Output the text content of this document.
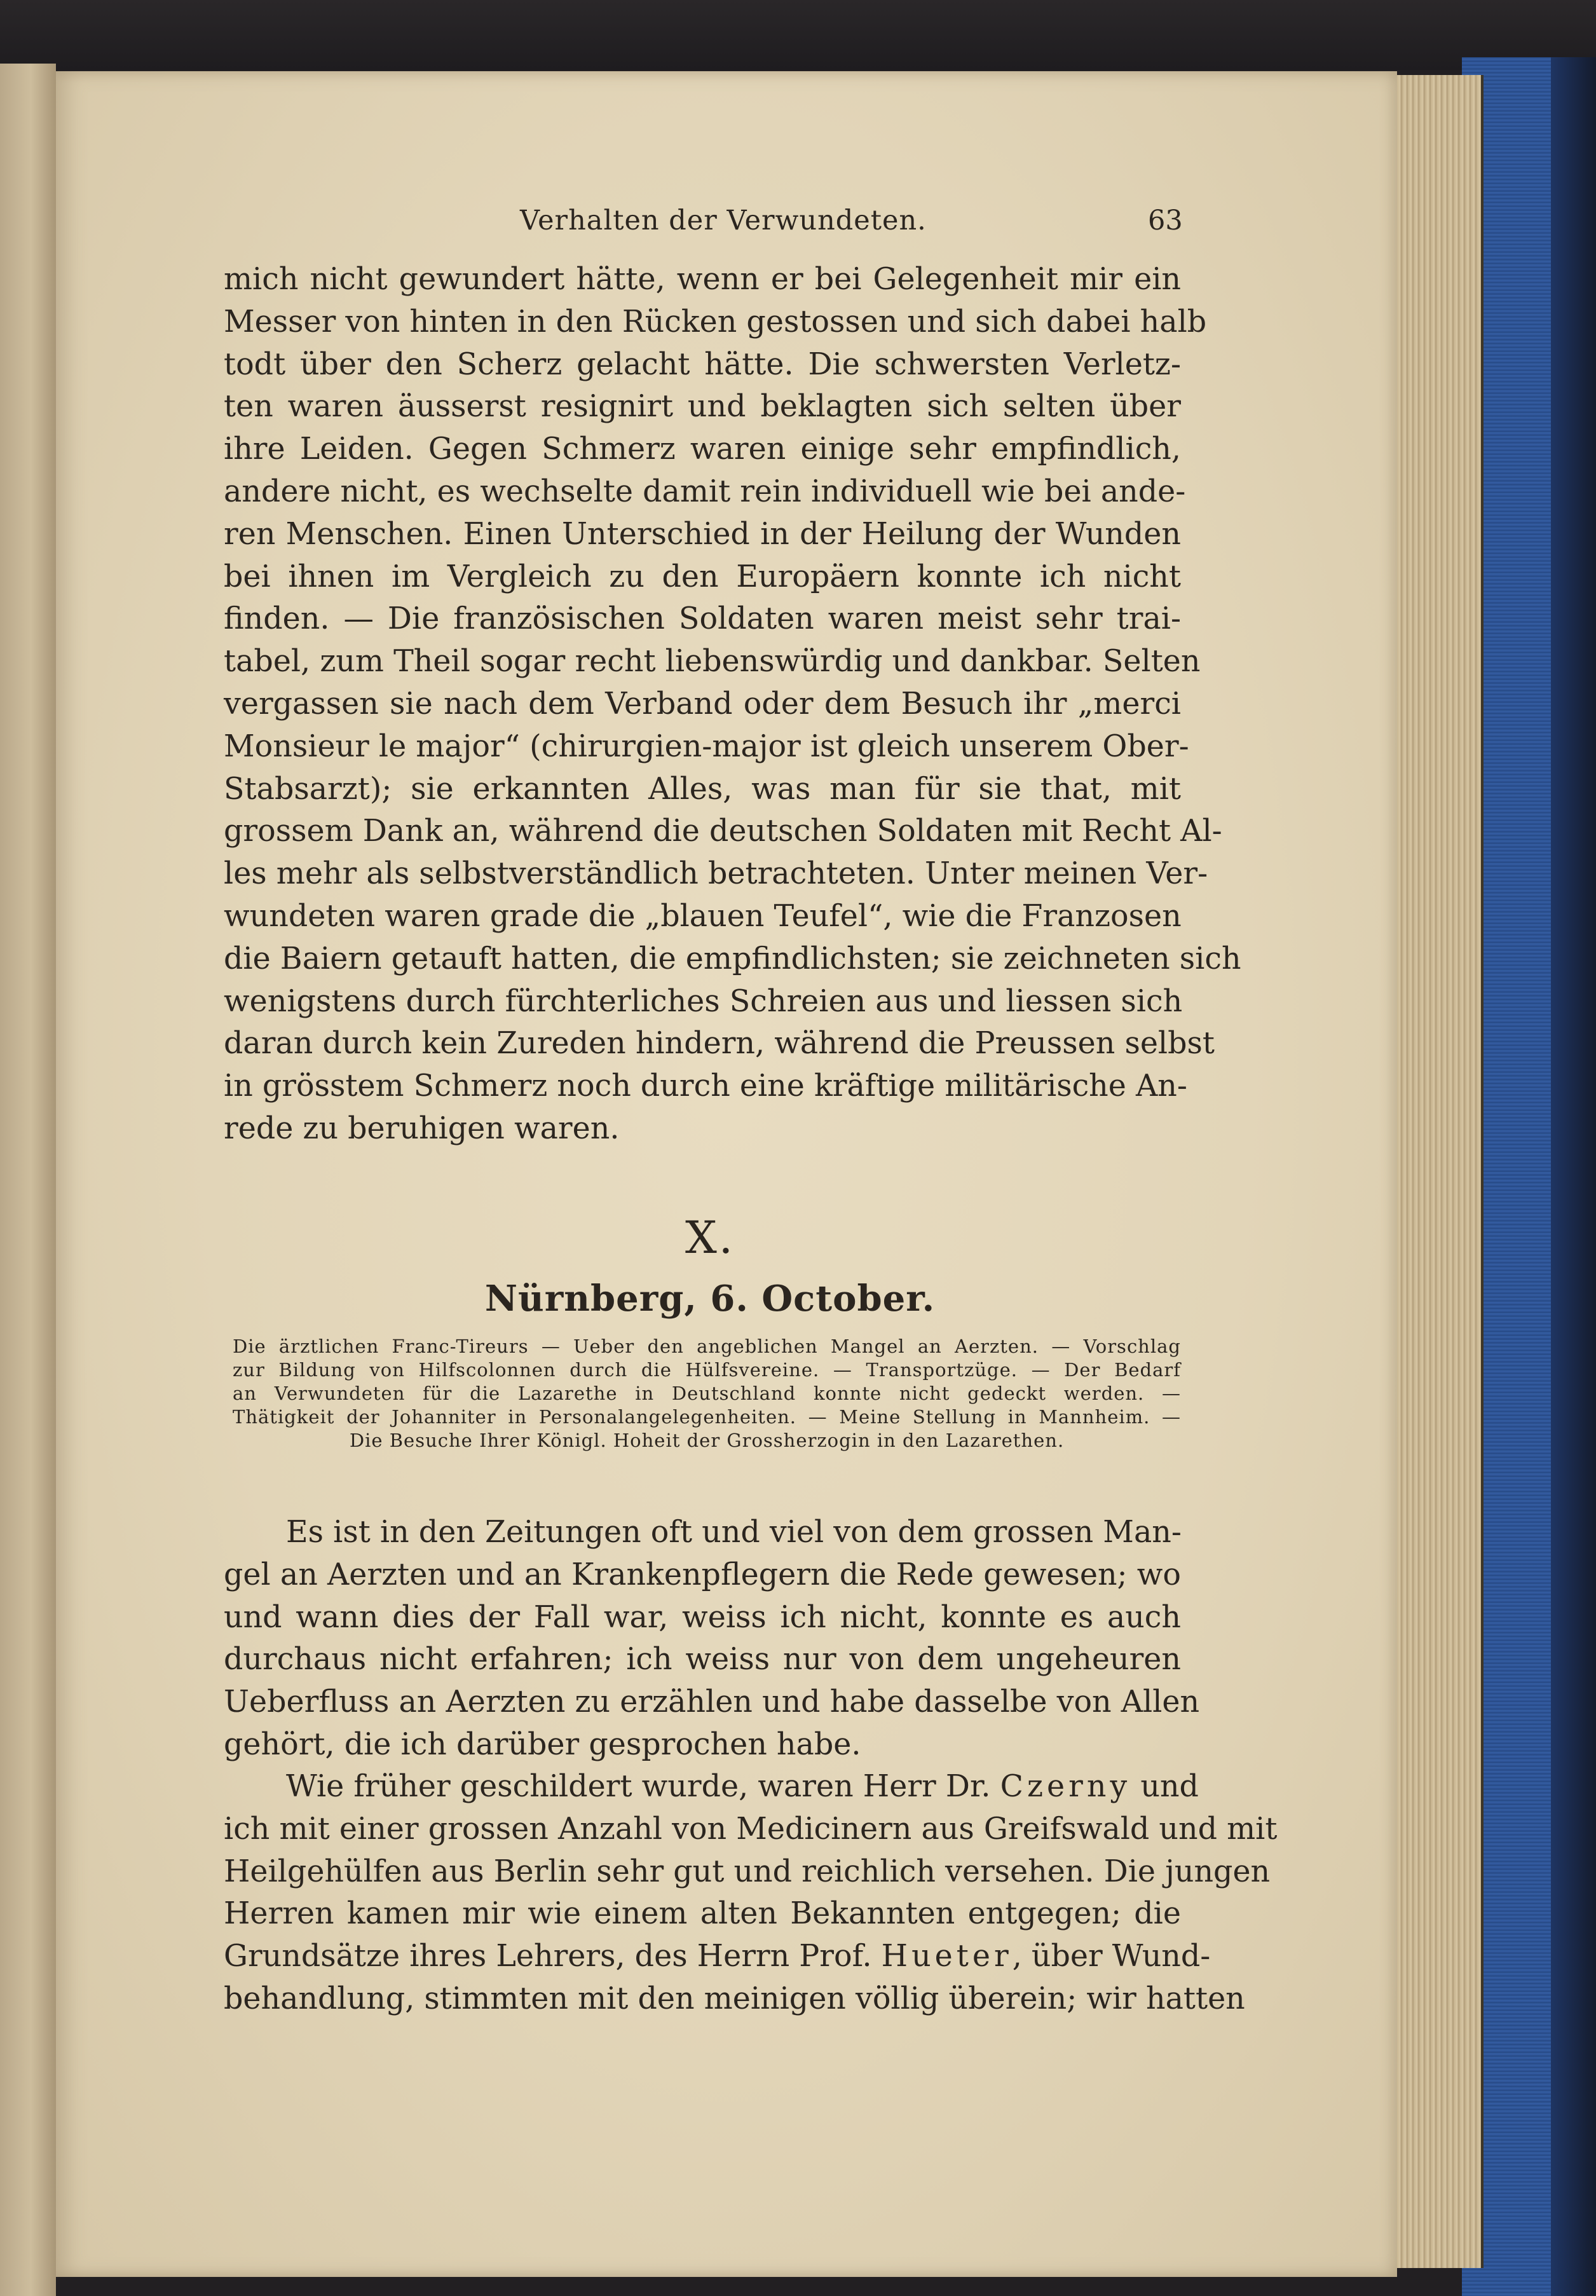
Verhalten der Verwundeten.	63
mich nicht gewundert hätte, wenn er bei Gelegenheit mir ein
Messer von hinten in den Rücken gestossen und sich dabei halb
todt über den Scherz gelacht hätte. Die schwersten Verletz-
ten waren äusserst resignirt und beklagten sich selten über
ihre Leiden. Gegen Schmerz waren einige sehr empfindlich,
andere nicht, es wechselte damit rein individuell wie bei ande-
ren Menschen. Einen Unterschied in der Heilung der Wunden
bei ihnen im Vergleich zu den Europäern konnte ich nicht
finden. — Die französischen Soldaten waren meist sehr trai-
tabel, zum Theil sogar recht liebenswürdig und dankbar. Selten
vergassen sie nach dem Verband oder dem Besuch ihr „merci
Monsieur le major“ (chirurgien-major ist gleich unserem Ober-
Stabsarzt); sie erkannten Alles, was man für sie that, mit
grossem Dank an, während die deutschen Soldaten mit Recht Al-
les mehr als selbstverständlich betrachteten. Unter meinen Ver-
wundeten waren grade die „blauen Teufel“, wie die Franzosen
die Baiern getauft hatten, die empfindlichsten; sie zeichneten sich
wenigstens durch fürchterliches Schreien aus und liessen sich
daran durch kein Zureden hindern, während die Preussen selbst
in grösstem Schmerz noch durch eine kräftige militärische An-
rede zu beruhigen waren.
X.
Nürnberg, 6. October.
Die ärztlichen Franc-Tireurs — Ueber den angeblichen Mangel an Aerzten. — Vorschlag
zur Bildung von Hilfscolonnen durch die Hülfsvereine. — Transportzüge. — Der Bedarf
an Verwundeten für die Lazarethe in Deutschland konnte nicht gedeckt werden. —
Thätigkeit der Johanniter in Personalangelegenheiten. — Meine Stellung in Mannheim. —
Die Besuche Ihrer Königl. Hoheit der Grossherzogin in den Lazarethen.
Es ist in den Zeitungen oft und viel von dem grossen Man-
gel an Aerzten und an Krankenpflegern die Rede gewesen; wo
und wann dies der Fall war, weiss ich nicht, konnte es auch
durchaus nicht erfahren; ich weiss nur von dem ungeheuren
Ueberfluss an Aerzten zu erzählen und habe dasselbe von Allen
gehört, die ich darüber gesprochen habe.
Wie früher geschildert wurde, waren Herr Dr. Czerny und
ich mit einer grossen Anzahl von Medicinern aus Greifswald und mit
Heilgehülfen aus Berlin sehr gut und reichlich versehen. Die jungen
Herren kamen mir wie einem alten Bekannten entgegen; die
Grundsätze ihres Lehrers, des Herrn Prof. Hueter, über Wund-
behandlung, stimmten mit den meinigen völlig überein; wir hatten
